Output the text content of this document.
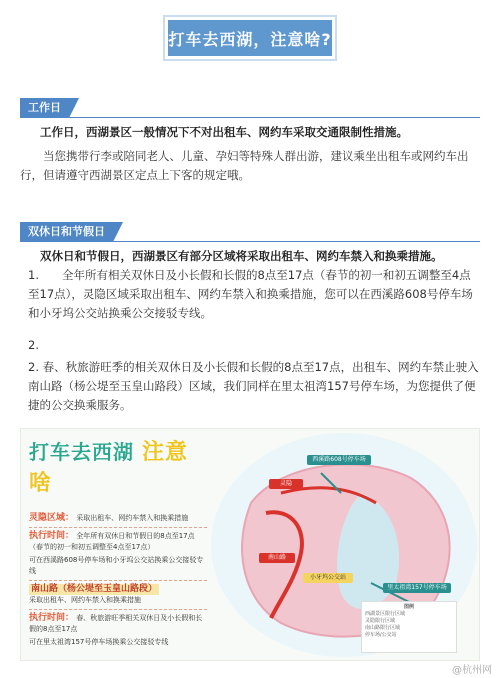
打车去西湖，注意啥?
工作日

工作日，西湖景区一般情况下不对出租车、网约车采取交通限制性措施。

当您携带行李或陪同老人、儿童、孕妇等特殊人群出游，建议乘坐出租车或网约车出行，但请遵守西湖景区定点上下客的规定哦。

双休日和节假日

双休日和节假日，西湖景区有部分区域将采取出租车、网约车禁入和换乘措施。

1.　　全年所有相关双休日及小长假和长假的8点至17点（春节的初一和初五调整至4点至17点），灵隐区域采取出租车、网约车禁入和换乘措施，您可以在西溪路608号停车场和小牙坞公交站换乘公交接驳专线。

2.

2. 春、秋旅游旺季的相关双休日及小长假和长假的8点至17点，出租车、网约车禁止驶入南山路（杨公堤至玉皇山路段）区域，我们同样在里太祖湾157号停车场，为您提供了便捷的公交换乘服务。

打车去西湖 注意啥
灵隐区域： 采取出租车、网约车禁入和换乘措施
执行时间： 全年所有双休日和节假日的8点至17点
（春节的初一和初五调整至4点至17点）
可在西溪路608号停车场和小牙坞公交站换乘公交接驳专线
南山路（杨公堤至玉皇山路段）
采取出租车、网约车禁入和换乘措施
执行时间： 春、秋旅游旺季相关双休日及小长假和长假的8点至17点
可在里太祖湾157号停车场换乘公交接驳专线
西溪路608号停车场
灵隐
南山路
小牙坞公交站
里太祖湾157号停车场
图例
西湖景区限行区域
灵隐限行区域
南山路限行区域
停车场/公交站
@杭州网
